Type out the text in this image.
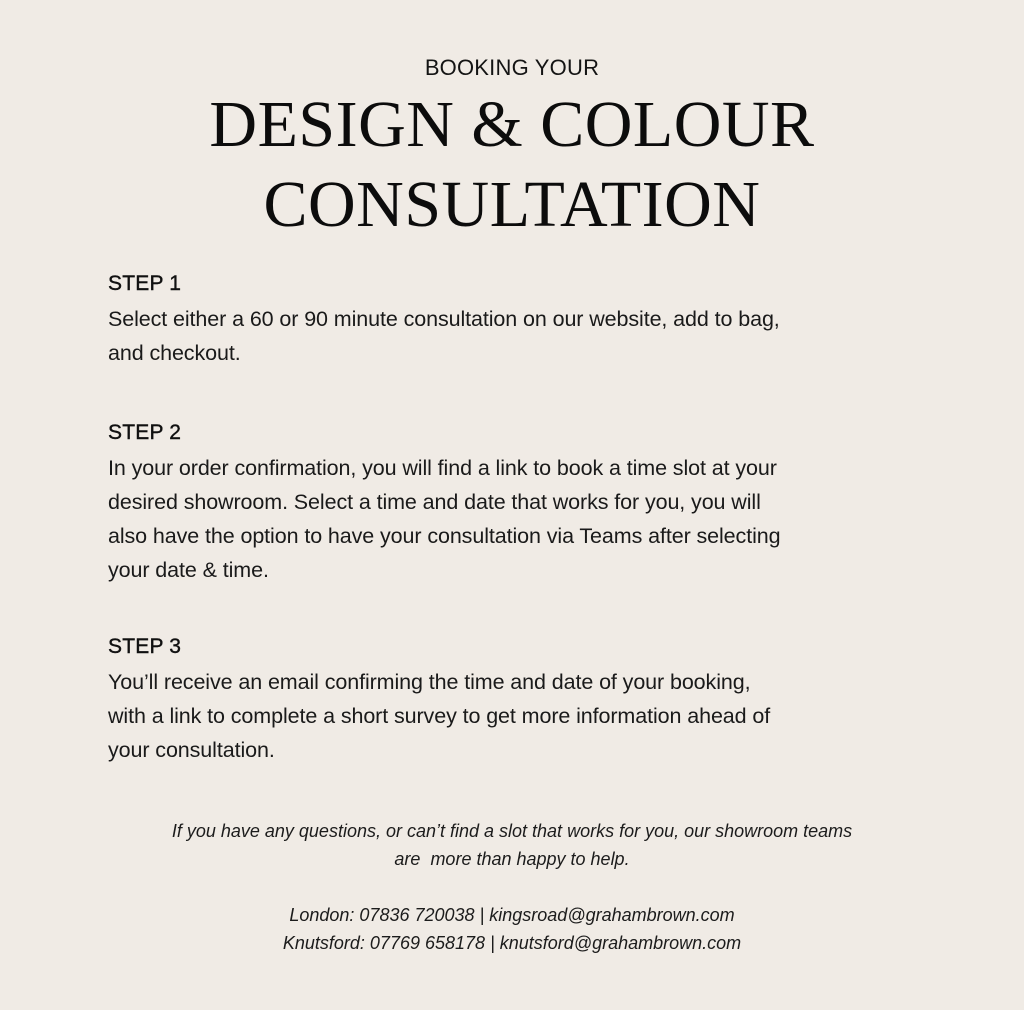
BOOKING YOUR
DESIGN & COLOUR
CONSULTATION
STEP 1
Select either a 60 or 90 minute consultation on our website, add to bag,
and checkout.
STEP 2
In your order confirmation, you will find a link to book a time slot at your
desired showroom. Select a time and date that works for you, you will
also have the option to have your consultation via Teams after selecting
your date & time.
STEP 3
You’ll receive an email confirming the time and date of your booking,
with a link to complete a short survey to get more information ahead of
your consultation.
If you have any questions, or can’t find a slot that works for you, our showroom teams
are  more than happy to help.
London: 07836 720038 | kingsroad@grahambrown.com
Knutsford: 07769 658178 | knutsford@grahambrown.com
